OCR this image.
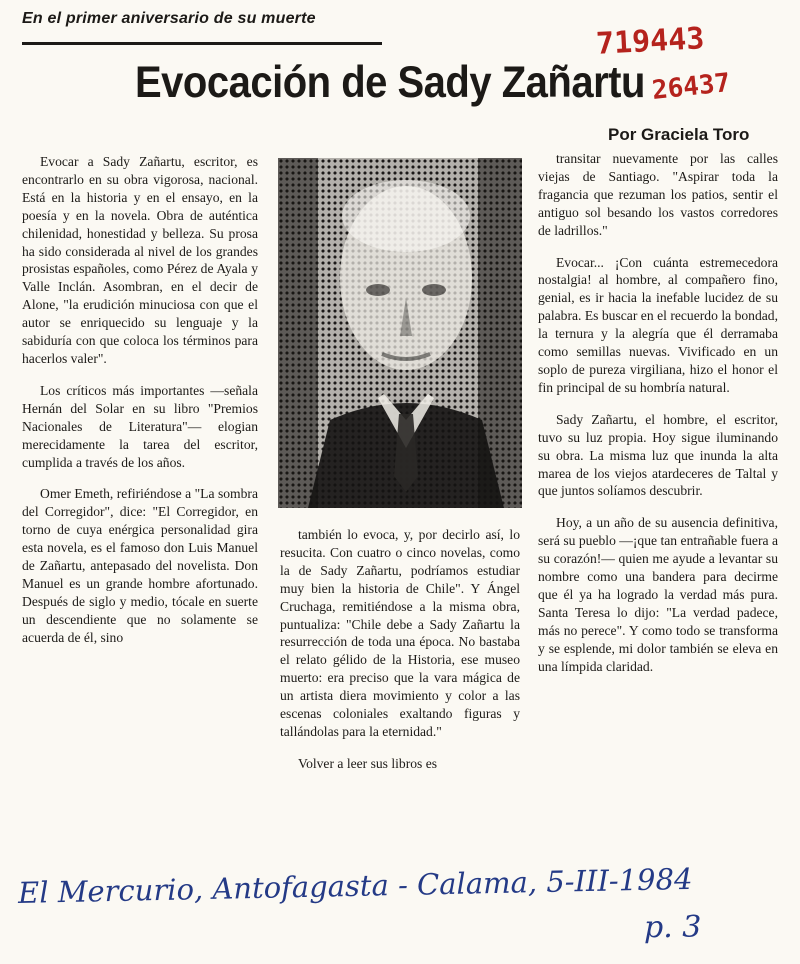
En el primer aniversario de su muerte
Evocación de Sady Zañartu
Por Graciela Toro
719443
26437

Evocar a Sady Zañartu, escritor, es encontrarlo en su obra vigorosa, nacional. Está en la historia y en el ensayo, en la poesía y en la novela. Obra de auténtica chilenidad, honestidad y belleza. Su prosa ha sido considerada al nivel de los grandes prosistas españoles, como Pérez de Ayala y Valle Inclán. Asombran, en el decir de Alone, "la erudición minuciosa con que el autor se enriquecido su lenguaje y la sabiduría con que coloca los términos para hacerlos valer".

Los críticos más importantes —señala Hernán del Solar en su libro "Premios Nacionales de Literatura"— elogian merecidamente la tarea del escritor, cumplida a través de los años.

Omer Emeth, refiriéndose a "La sombra del Corregidor", dice: "El Corregidor, en torno de cuya enérgica personalidad gira esta novela, es el famoso don Luis Manuel de Zañartu, antepasado del novelista. Don Manuel es un grande hombre afortunado. Después de siglo y medio, tócale en suerte un descendiente que no solamente se acuerda de él, sino

también lo evoca, y, por decirlo así, lo resucita. Con cuatro o cinco novelas, como la de Sady Zañartu, podríamos estudiar muy bien la historia de Chile". Y Ángel Cruchaga, remitiéndose a la misma obra, puntualiza: "Chile debe a Sady Zañartu la resurrección de toda una época. No bastaba el relato gélido de la Historia, ese museo muerto: era preciso que la vara mágica de un artista diera movimiento y color a las escenas coloniales exaltando figuras y tallándolas para la eternidad."

Volver a leer sus libros es

transitar nuevamente por las calles viejas de Santiago. "Aspirar toda la fragancia que rezuman los patios, sentir el antiguo sol besando los vastos corredores de ladrillos."

Evocar... ¡Con cuánta estremecedora nostalgia! al hombre, al compañero fino, genial, es ir hacia la inefable lucidez de su palabra. Es buscar en el recuerdo la bondad, la ternura y la alegría que él derramaba como semillas nuevas. Vivificado en un soplo de pureza virgiliana, hizo el honor el fin principal de su hombría natural.

Sady Zañartu, el hombre, el escritor, tuvo su luz propia. Hoy sigue iluminando su obra. La misma luz que inunda la alta marea de los viejos atardeceres de Taltal y que juntos solíamos descubrir.

Hoy, a un año de su ausencia definitiva, será su pueblo —¡que tan entrañable fuera a su corazón!— quien me ayude a levantar su nombre como una bandera para decirme que él ya ha logrado la verdad más pura. Santa Teresa lo dijo: "La verdad padece, más no perece". Y como todo se transforma y se esplende, mi dolor también se eleva en una límpida claridad.

El Mercurio, Antofagasta - Calama, 5-III-1984
p. 3
